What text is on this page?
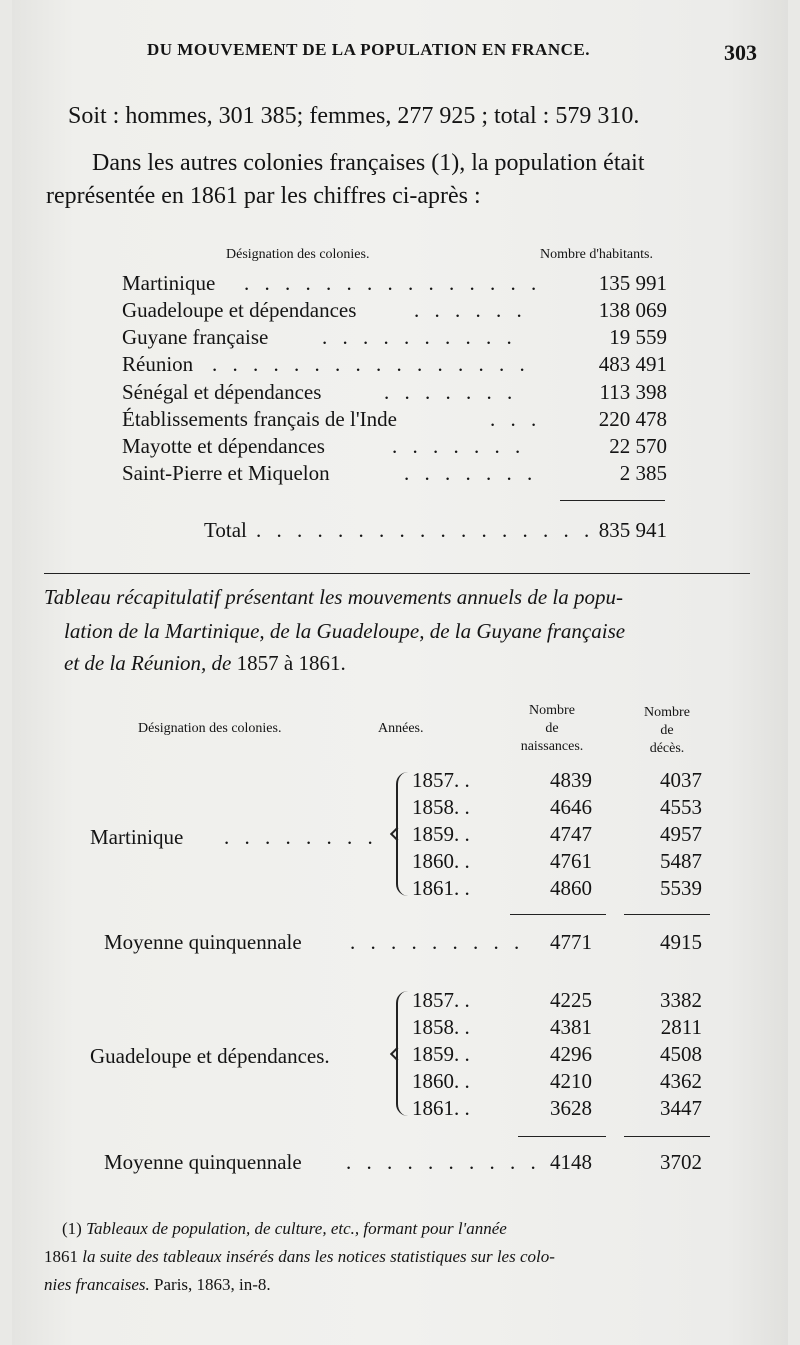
DU MOUVEMENT DE LA POPULATION EN FRANCE.	303
Soit : hommes, 301 385; femmes, 277 925 ; total : 579 310.
Dans les autres colonies françaises (1), la population était
représentée en 1861 par les chiffres ci-après :
Désignation des colonies.	Nombre d'habitants.
Martinique . . . . . . . . . . . . . . .	135 991
Guadeloupe et dépendances	. . . . . .	138 069
Guyane française	. . . . . . . . . .	19 559
Réunion . . . . . . . . . . . . . . . .	483 491
Sénégal et dépendances	. . . . . . .	113 398
Établissements français de l'Inde	. . .	220 478
Mayotte et dépendances	. . . . . . .	22 570
Saint-Pierre et Miquelon	. . . . . . .	2 385
Total . . . . . . . . . . . . . . . . . 835 941
Tableau récapitulatif présentant les mouvements annuels de la popu-
lation de la Martinique, de la Guadeloupe, de la Guyane française
et de la Réunion, de 1857 à 1861.
Désignation des colonies.	Années.
Nombre
de
naissances.
Nombre
de
décès.
Martinique . . . . . . . .
1857. .	4839	4037
1858. .	4646	4553
1859. .	4747	4957
1860. .	4761	5487
1861. .	4860	5539
Moyenne quinquennale . . . . . . . . .	4771	4915
Guadeloupe et dépendances.
1857. .	4225	3382
1858. .	4381	2811
1859. .	4296	4508
1860. .	4210	4362
1861. .	3628	3447
Moyenne quinquennale . . . . . . . . . . 4148	3702
(1) Tableaux de population, de culture, etc., formant pour l'année
1861 la suite des tableaux insérés dans les notices statistiques sur les colo-
nies francaises. Paris, 1863, in-8.
